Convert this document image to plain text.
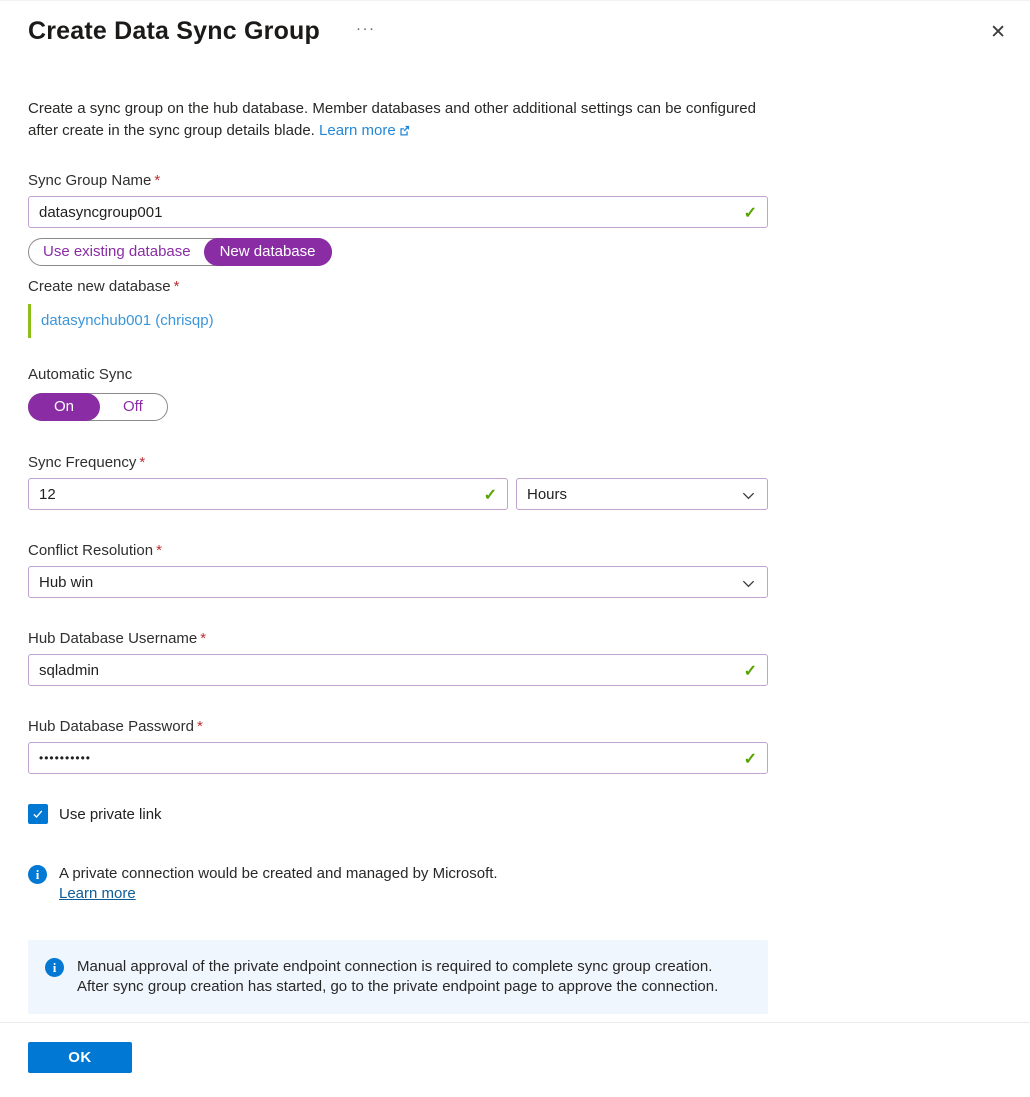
Create Data Sync Group ···	✕
Create a sync group on the hub database. Member databases and other additional settings can be configured after create in the sync group details blade. Learn more
Sync Group Name *
datasyncgroup001
✓
Use existing database	New database
Create new database *
datasynchub001 (chrisqp)
Automatic Sync
On	Off
Sync Frequency *
12
✓ Hours
Conflict Resolution *
Hub win
Hub Database Username *
sqladmin
✓
Hub Database Password *
••••••••••
✓
Use private link
i	A private connection would be created and managed by Microsoft.
Learn more
i	Manual approval of the private endpoint connection is required to complete sync group creation. After sync group creation has started, go to the private endpoint page to approve the connection.
OK
